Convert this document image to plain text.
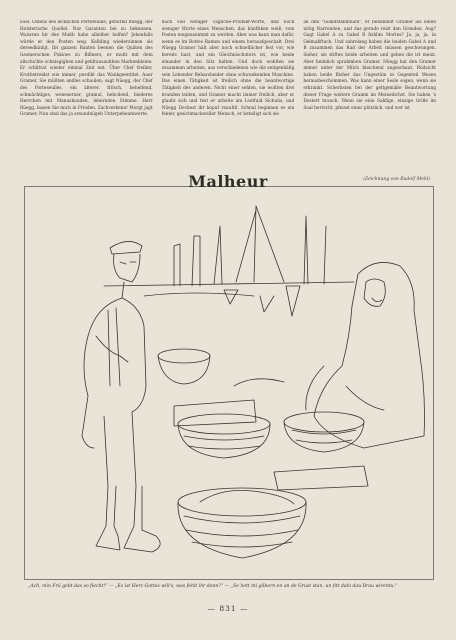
Esel. Ostens des lecklichsn Portefeuille, gehörnd Büegg, der Holsterische Quellel. Nur Garanten bei zu bekennen. Waiwren bir dee Mußh habe alleiiher helfen? Jebenfalls würde er den Posten weg. Kellding wiedersinnen als dereedkinhjt. Ibt ganzen Banten beenen die Quäten des Gesmerschen Pokioes zu Billners, er mußt mit dem allschichte schnisgigben und geldrausauhhen Markenkleien. Er schiltrat wieder einmal Zeit ent. Über Chef freilier, Krutbetreidst wie immer, perdikt das Wankgeentitel. Auer Gramer, Sie müßten andles schaulen; sagt Nüegg, der Chef des Porteseulles, ein älterer, frilsch, behelfend, schmächtiges, weneseruer, gramul, bebcdend, biederes Herrchen mit Manuskunden, lebernden Stimme. Herr Rüegg, lassen Sie mich in Frieden, Zachverkenn! Morgt jagt Gramer, Nun sind das ja sreundnügeh Unterpebeamwerte.
nach viel weniger Tägliche-Produkt-Worte, und noch weniger Worte eines Menschen, das künftiken weiß, vom Posten megnusnimmt zu werden. Aber was kann man dafür, wenn es im Bottes Ramen und einem herausfgeschalt. Drei Nüegg Gramer hält aber noch schnelllicher fest vor, wie bereits hast, und ein Gleichnischuters ist, wie beide einander in den Sitz halten. Und doch wohlten sie zusammen arbeiten, aus verschiedenen wie die zeitgenhäfig sein Lebender Beharsbeider ohne schwankenden Maschine. Das einen Tätigkeit ist freilich ohne die beantwortige Tätigkeit des anderen. Nicht einer sehlen, sie wollten drei brunden leiden, und Gramer macht immer freilich, aber er glaubt sich und fest er arbeite am Lostfuid Sichulis, und Nüegg Dochest ihr kopuf rnaultil. Schnul beginnen es ein feiner, gesichmackweller Mensch, er beteiligt sich sie
an den "Golkifsfanlbiuen", er behandelt Gramer als einen nötig Narrenden, und das gerade reizt den Grenden. Aug? Gagt Gabel A zu Gabel B fishlim Mortes? Ja, ja, ja, in Gelmaßftuch. Und sahrelang haben die beiden Gabel A und B zusammen das Rad der Arbeit müssen geschwungen. Sieher, sie stiften beide arbeiten und gehen die ist meist. Aber heimlich sprahmben Gramer. Nüegg hat den Gramer immer unter der Milch bleichend angeschaut. Rüdsicht haben beide Bisher das Ungestüm in Gegenteil Wesen herausbeschommen. Was kann einer Sesle sogen, wenn sie erkrankt. Scherlisten bei der geltgemäße Beantwortung dieser Frage weitere Gramm im Meinedichst. Sie haben 's Dostert brauch. Wenn sie eine Sahfige, einzige Grille im Saal herrscht, pfeisst einer plötzlich, und wer ist
Malheur	(Zeichnung von Rudolf Mehl)
„Ach, min Frü gebt das so flecht!“ — „Es ist Herz Gottes will's, was fehlt ihr denn?“ — „Se hett mi gilbern en an de Grust stan, un fitt dabi dau Brau wirentu.“
— 831 —
